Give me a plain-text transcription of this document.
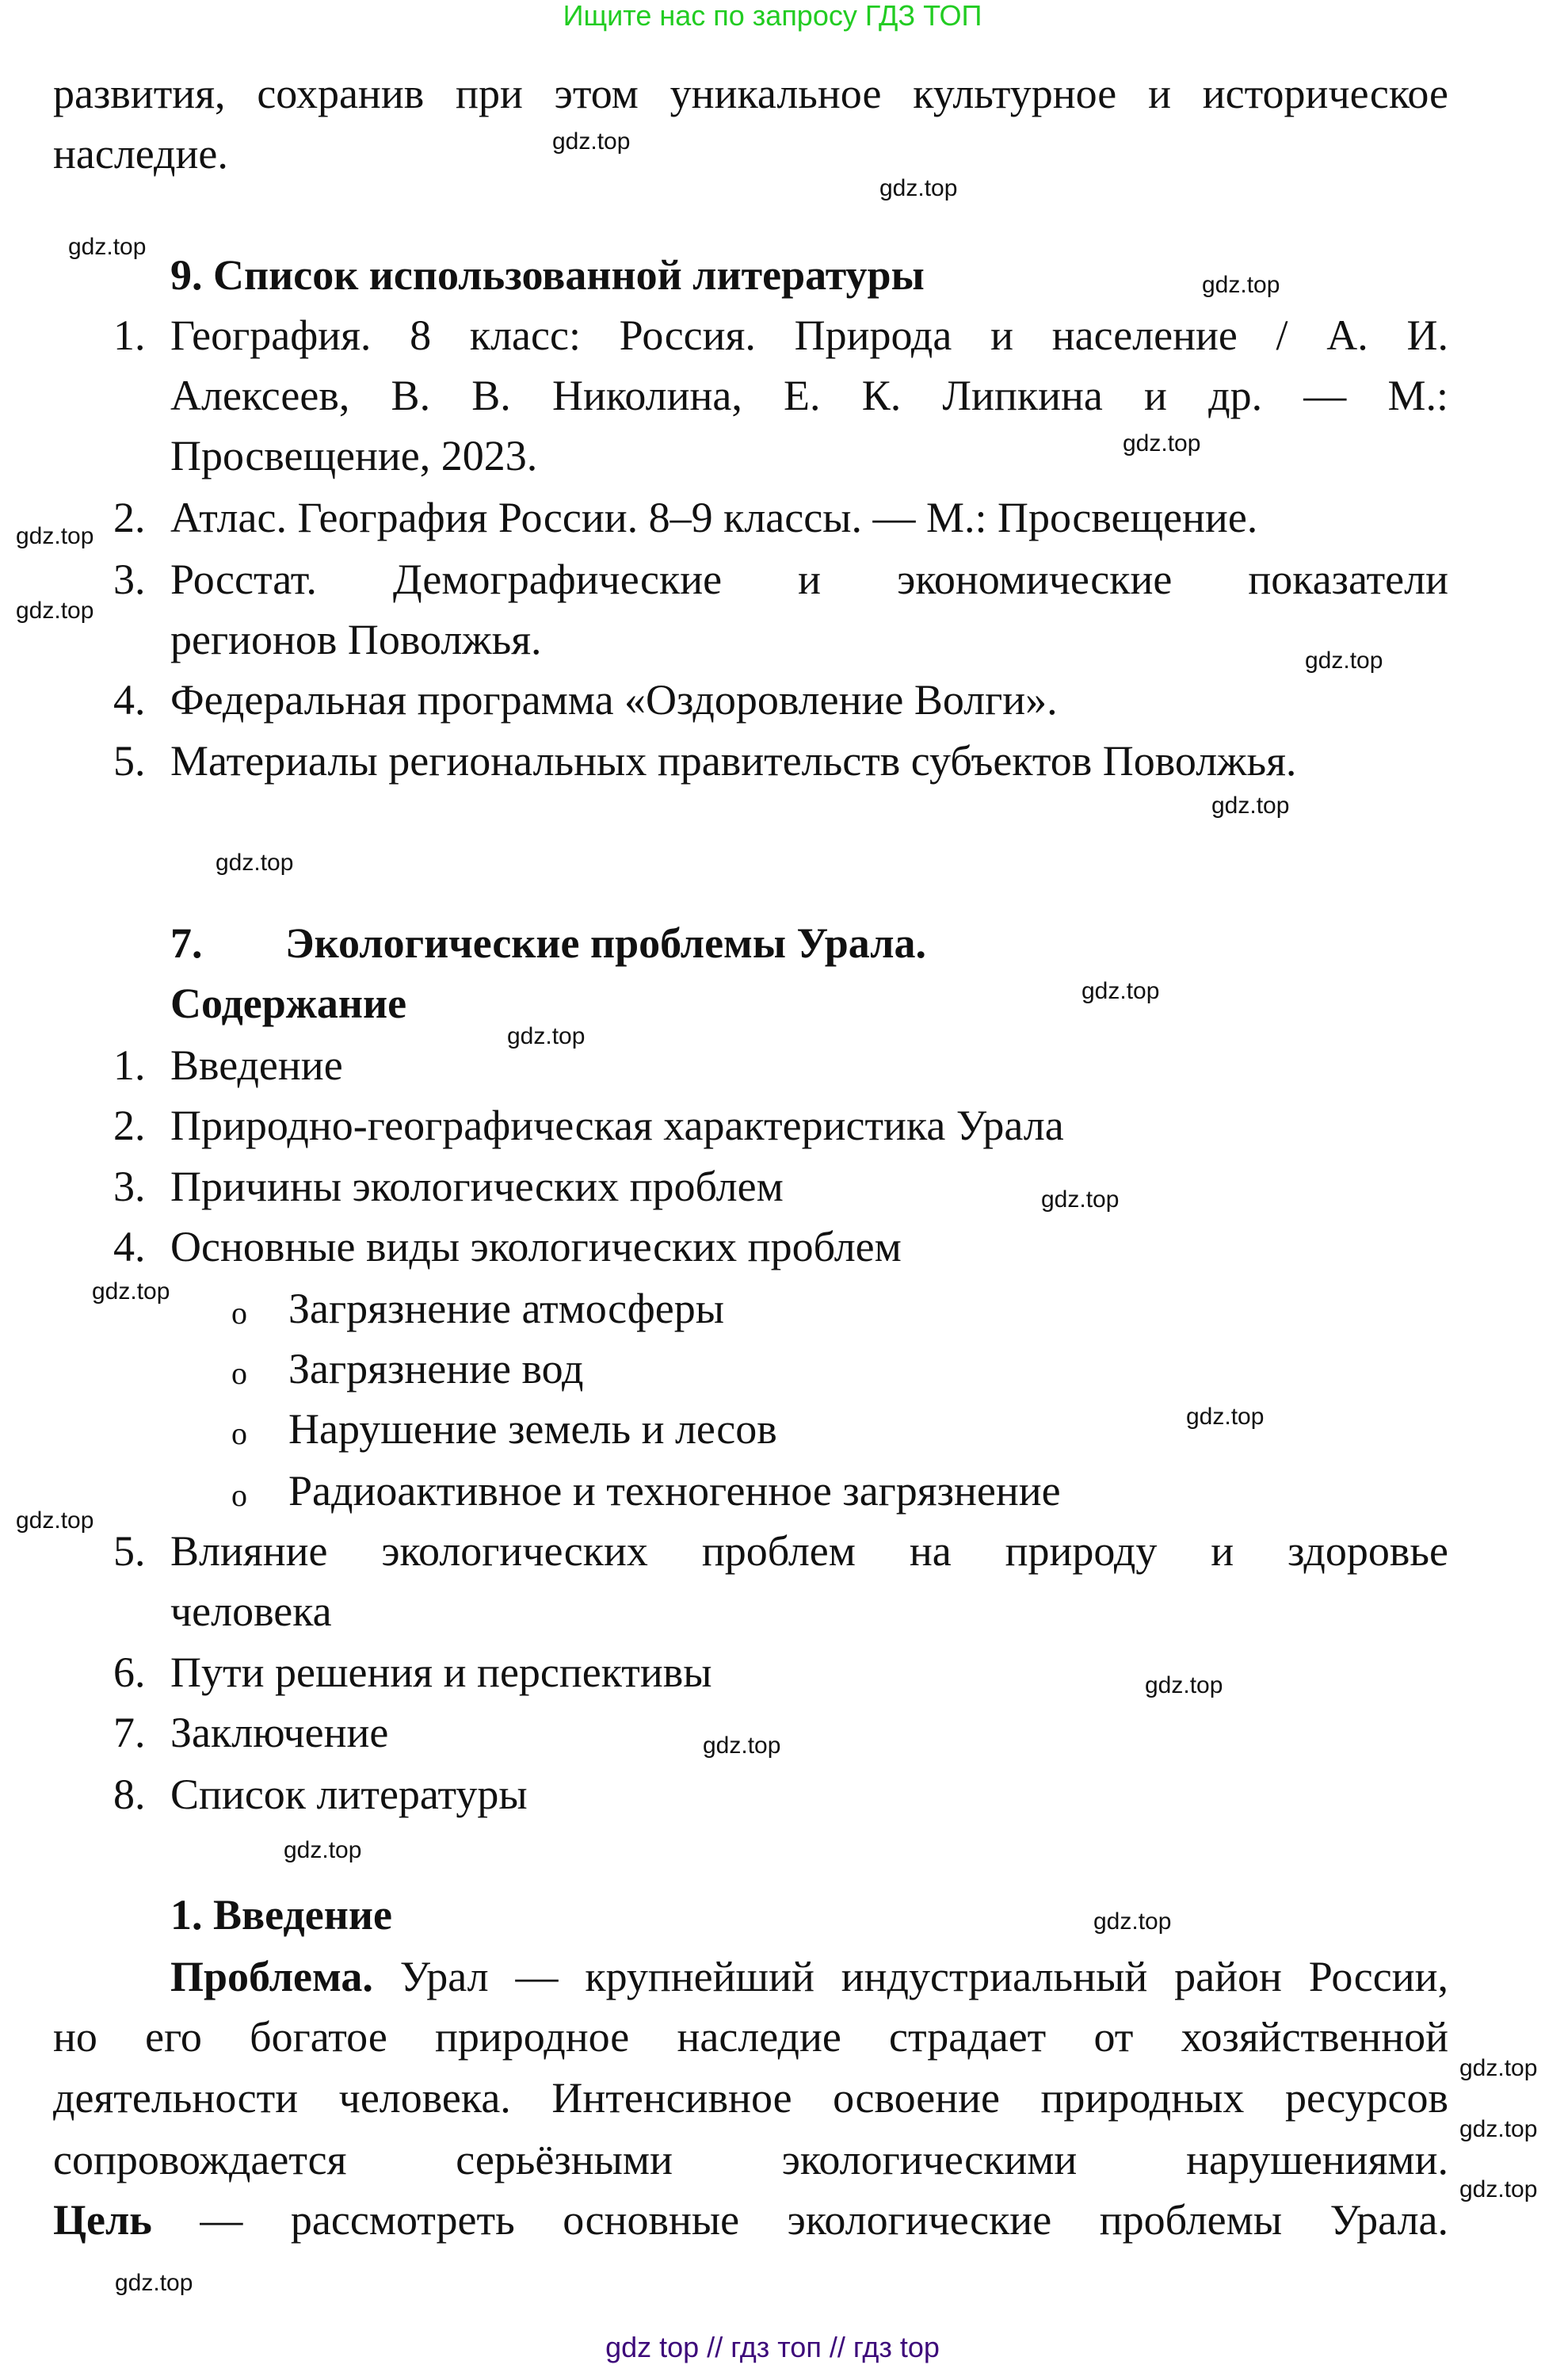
Ищите нас по запросу ГДЗ ТОП
развития, сохранив при этом уникальное культурное и историческое
наследие.
9. Список использованной литературы
1. География. 8 класс: Россия. Природа и население / А. И.
Алексеев, В. В. Николина, Е. К. Липкина и др. — М.:
Просвещение, 2023.
2. Атлас. География России. 8–9 классы. — М.: Просвещение.
3. Росстат. Демографические и экономические показатели
регионов Поволжья.
4. Федеральная программа «Оздоровление Волги».
5. Материалы региональных правительств субъектов Поволжья.
7. Экологические проблемы Урала.
Содержание
1. Введение
2. Природно-географическая характеристика Урала
3. Причины экологических проблем
4. Основные виды экологических проблем
o Загрязнение атмосферы
o Загрязнение вод
o Нарушение земель и лесов
o Радиоактивное и техногенное загрязнение
5. Влияние экологических проблем на природу и здоровье
человека
6. Пути решения и перспективы
7. Заключение
8. Список литературы
1. Введение
Проблема. Урал — крупнейший индустриальный район России,
но его богатое природное наследие страдает от хозяйственной
деятельности человека. Интенсивное освоение природных ресурсов
сопровождается серьёзными экологическими нарушениями.
Цель — рассмотреть основные экологические проблемы Урала.
gdz.top
gdz.top
gdz.top
gdz.top
gdz.top
gdz.top
gdz.top
gdz.top
gdz.top
gdz.top
gdz.top
gdz.top
gdz.top
gdz.top
gdz.top
gdz.top
gdz.top
gdz.top
gdz.top
gdz.top
gdz.top
gdz.top
gdz.top
gdz.top
gdz top // гдз топ // гдз top
